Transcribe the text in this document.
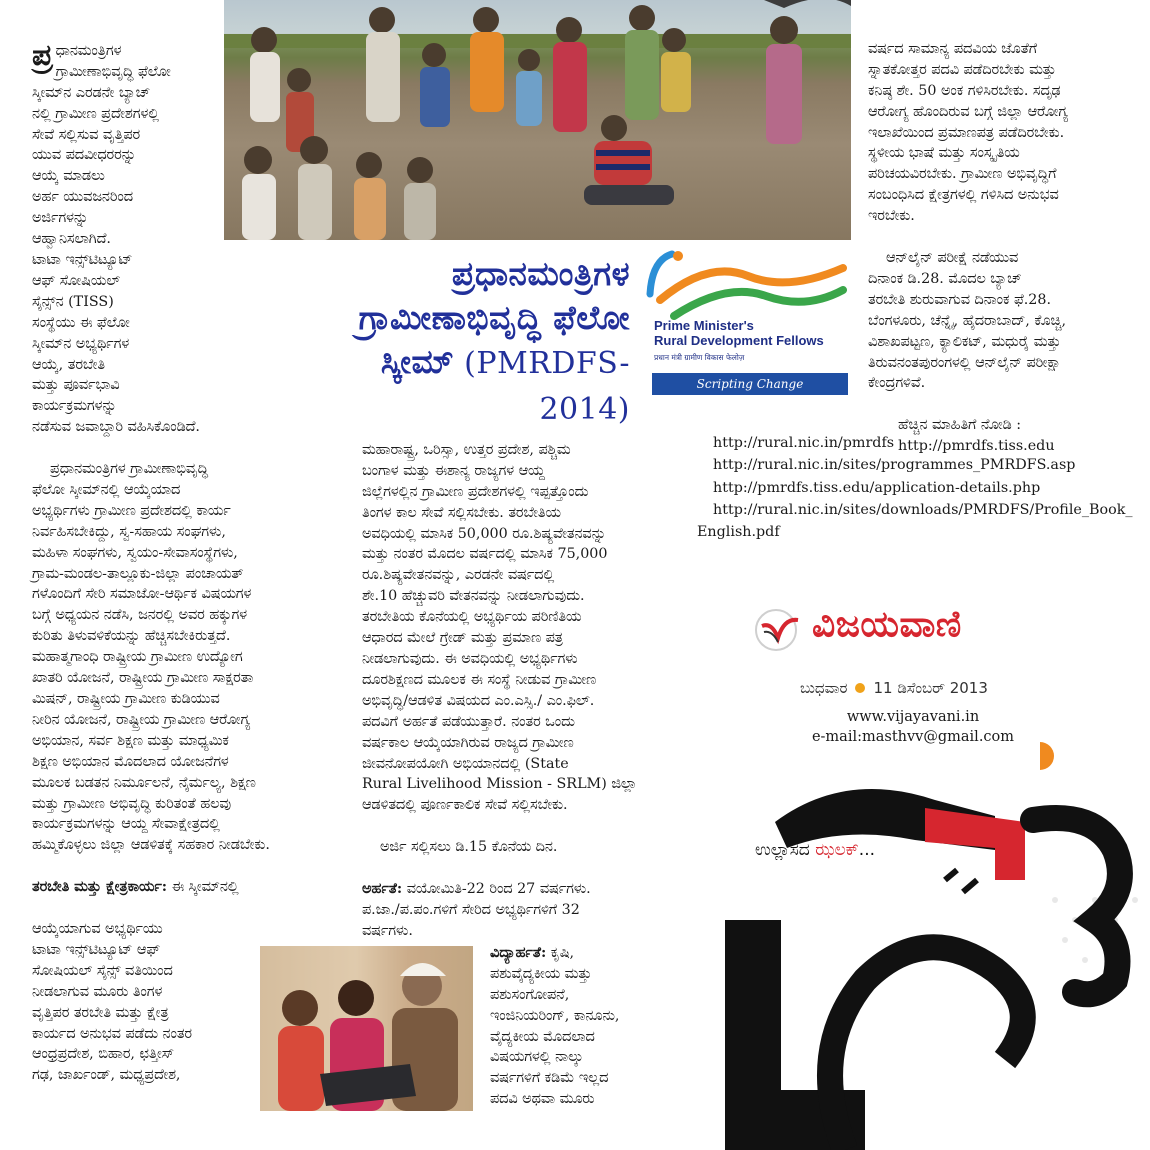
ಪ್ರ ಧಾನಮಂತ್ರಿಗಳ
ಗ್ರಾಮೀಣಾಭಿವೃದ್ಧಿ ಫೆಲೋ
ಸ್ಕೀಮ್‌ನ ಎರಡನೇ ಬ್ಯಾಚ್
ನಲ್ಲಿ ಗ್ರಾಮೀಣ ಪ್ರದೇಶಗಳಲ್ಲಿ
ಸೇವೆ ಸಲ್ಲಿಸುವ ವೃತ್ತಿಪರ
ಯುವ ಪದವೀಧರರನ್ನು
ಆಯ್ಕೆ ಮಾಡಲು
ಅರ್ಹ ಯುವಜನರಿಂದ
ಅರ್ಜಿಗಳನ್ನು
ಆಹ್ವಾನಿಸಲಾಗಿದೆ.
ಟಾಟಾ ಇನ್ಸ್‌ಟಿಟ್ಯೂಟ್
ಆಫ್ ಸೋಷಿಯಲ್
ಸೈನ್ಸ್‌ನ (TISS)
ಸಂಸ್ಥೆಯು ಈ ಫೆಲೋ
ಸ್ಕೀಮ್‌ನ ಅಭ್ಯರ್ಥಿಗಳ
ಆಯ್ಕೆ, ತರಬೇತಿ
ಮತ್ತು ಪೂರ್ವಭಾವಿ
ಕಾರ್ಯಕ್ರಮಗಳನ್ನು
ನಡೆಸುವ ಜವಾಬ್ದಾರಿ ವಹಿಸಿಕೊಂಡಿದೆ.

ಪ್ರಧಾನಮಂತ್ರಿಗಳ ಗ್ರಾಮೀಣಾಭಿವೃದ್ಧಿ
ಫೆಲೋ ಸ್ಕೀಮ್‌ನಲ್ಲಿ ಆಯ್ಕೆಯಾದ
ಅಭ್ಯರ್ಥಿಗಳು ಗ್ರಾಮೀಣ ಪ್ರದೇಶದಲ್ಲಿ ಕಾರ್ಯ
ನಿರ್ವಹಿಸಬೇಕಿದ್ದು, ಸ್ವ-ಸಹಾಯ ಸಂಘಗಳು,
ಮಹಿಳಾ ಸಂಘಗಳು, ಸ್ವಯಂ-ಸೇವಾಸಂಸ್ಥೆಗಳು,
ಗ್ರಾಮ-ಮಂಡಲ-ತಾಲ್ಲೂಕು-ಜಿಲ್ಲಾ ಪಂಚಾಯತ್
ಗಳೊಂದಿಗೆ ಸೇರಿ ಸಮಾಜೋ-ಆರ್ಥಿಕ ವಿಷಯಗಳ
ಬಗ್ಗೆ ಅಧ್ಯಯನ ನಡೆಸಿ, ಜನರಲ್ಲಿ ಅವರ ಹಕ್ಕುಗಳ
ಕುರಿತು ತಿಳುವಳಿಕೆಯನ್ನು ಹೆಚ್ಚಿಸಬೇಕಿರುತ್ತದೆ.
ಮಹಾತ್ಮಗಾಂಧಿ ರಾಷ್ಟ್ರೀಯ ಗ್ರಾಮೀಣ ಉದ್ಯೋಗ
ಖಾತರಿ ಯೋಜನೆ, ರಾಷ್ಟ್ರೀಯ ಗ್ರಾಮೀಣ ಸಾಕ್ಷರತಾ
ಮಿಷನ್, ರಾಷ್ಟ್ರೀಯ ಗ್ರಾಮೀಣ ಕುಡಿಯುವ
ನೀರಿನ ಯೋಜನೆ, ರಾಷ್ಟ್ರೀಯ ಗ್ರಾಮೀಣ ಆರೋಗ್ಯ
ಅಭಿಯಾನ, ಸರ್ವ ಶಿಕ್ಷಣ ಮತ್ತು ಮಾಧ್ಯಮಿಕ
ಶಿಕ್ಷಣ ಅಭಿಯಾನ ಮೊದಲಾದ ಯೋಜನೆಗಳ
ಮೂಲಕ ಬಡತನ ನಿರ್ಮೂಲನೆ, ನೈರ್ಮಲ್ಯ, ಶಿಕ್ಷಣ
ಮತ್ತು ಗ್ರಾಮೀಣ ಅಭಿವೃದ್ಧಿ ಕುರಿತಂತೆ ಹಲವು
ಕಾರ್ಯಕ್ರಮಗಳನ್ನು ಆಯ್ದ ಸೇವಾಕ್ಷೇತ್ರದಲ್ಲಿ
ಹಮ್ಮಿಕೊಳ್ಳಲು ಜಿಲ್ಲಾ ಆಡಳಿತಕ್ಕೆ ಸಹಕಾರ ನೀಡಬೇಕು.

ತರಬೇತಿ ಮತ್ತು ಕ್ಷೇತ್ರಕಾರ್ಯ: ಈ ಸ್ಕೀಮ್‌ನಲ್ಲಿ

ಆಯ್ಕೆಯಾಗುವ ಅಭ್ಯರ್ಥಿಯು
ಟಾಟಾ ಇನ್ಸ್‌ಟಿಟ್ಯೂಟ್ ಆಫ್
ಸೋಷಿಯಲ್ ಸೈನ್ಸ್ ವತಿಯಿಂದ
ನೀಡಲಾಗುವ ಮೂರು ತಿಂಗಳ
ವೃತ್ತಿಪರ ತರಬೇತಿ ಮತ್ತು ಕ್ಷೇತ್ರ
ಕಾರ್ಯದ ಅನುಭವ ಪಡೆದು ನಂತರ
ಆಂಧ್ರಪ್ರದೇಶ, ಬಿಹಾರ, ಛತ್ತೀಸ್
ಗಢ, ಜಾರ್ಖಂಡ್, ಮಧ್ಯಪ್ರದೇಶ,

ಪ್ರಧಾನಮಂತ್ರಿಗಳ
ಗ್ರಾಮೀಣಾಭಿವೃದ್ಧಿ ಫೆಲೋ
ಸ್ಕೀಮ್ (PMRDFS-2014)
Prime Minister's
Rural Development Fellows
प्रधान मंत्री ग्रामीण विकास फेलोज़
Scripting Change

ಮಹಾರಾಷ್ಟ್ರ, ಒರಿಸ್ಸಾ, ಉತ್ತರ ಪ್ರದೇಶ, ಪಶ್ಚಿಮ
ಬಂಗಾಳ ಮತ್ತು ಈಶಾನ್ಯ ರಾಜ್ಯಗಳ ಆಯ್ದ
ಜಿಲ್ಲೆಗಳಲ್ಲಿನ ಗ್ರಾಮೀಣ ಪ್ರದೇಶಗಳಲ್ಲಿ ಇಪ್ಪತ್ತೊಂದು
ತಿಂಗಳ ಕಾಲ ಸೇವೆ ಸಲ್ಲಿಸಬೇಕು. ತರಬೇತಿಯ
ಅವಧಿಯಲ್ಲಿ ಮಾಸಿಕ 50,000 ರೂ.ಶಿಷ್ಯವೇತನವನ್ನು
ಮತ್ತು ನಂತರ ಮೊದಲ ವರ್ಷದಲ್ಲಿ ಮಾಸಿಕ 75,000
ರೂ.ಶಿಷ್ಯವೇತನವನ್ನು, ಎರಡನೇ ವರ್ಷದಲ್ಲಿ
ಶೇ.10 ಹೆಚ್ಚುವರಿ ವೇತನವನ್ನು ನೀಡಲಾಗುವುದು.
ತರಬೇತಿಯ ಕೊನೆಯಲ್ಲಿ ಅಭ್ಯರ್ಥಿಯ ಪರಿಣಿತಿಯ
ಆಧಾರದ ಮೇಲೆ ಗ್ರೇಡ್ ಮತ್ತು ಪ್ರಮಾಣ ಪತ್ರ
ನೀಡಲಾಗುವುದು. ಈ ಅವಧಿಯಲ್ಲಿ ಅಭ್ಯರ್ಥಿಗಳು
ದೂರಶಿಕ್ಷಣದ ಮೂಲಕ ಈ ಸಂಸ್ಥೆ ನೀಡುವ ಗ್ರಾಮೀಣ
ಅಭಿವೃದ್ಧಿ/ಆಡಳಿತ ವಿಷಯದ ಎಂ.ಎಸ್ಸಿ./ ಎಂ.ಫಿಲ್.
ಪದವಿಗೆ ಅರ್ಹತೆ ಪಡೆಯುತ್ತಾರೆ. ನಂತರ ಒಂದು
ವರ್ಷಕಾಲ ಆಯ್ಕೆಯಾಗಿರುವ ರಾಜ್ಯದ ಗ್ರಾಮೀಣ
ಜೀವನೋಪಯೋಗಿ ಅಭಿಯಾನದಲ್ಲಿ (State
Rural Livelihood Mission - SRLM) ಜಿಲ್ಲಾ
ಆಡಳಿತದಲ್ಲಿ ಪೂರ್ಣಕಾಲಿಕ ಸೇವೆ ಸಲ್ಲಿಸಬೇಕು.

ಅರ್ಜಿ ಸಲ್ಲಿಸಲು ಡಿ.15 ಕೊನೆಯ ದಿನ.

ಅರ್ಹತೆ: ವಯೋಮಿತಿ-22 ರಿಂದ 27 ವರ್ಷಗಳು.
ಪ.ಜಾ./ಪ.ಪಂ.ಗಳಿಗೆ ಸೇರಿದ ಅಭ್ಯರ್ಥಿಗಳಿಗೆ 32
ವರ್ಷಗಳು.

ವಿದ್ಯಾರ್ಹತೆ: ಕೃಷಿ,
ಪಶುವೈದ್ಯಕೀಯ ಮತ್ತು
ಪಶುಸಂಗೋಪನೆ,
ಇಂಜಿನಿಯರಿಂಗ್, ಕಾನೂನು,
ವೈದ್ಯಕೀಯ ಮೊದಲಾದ
ವಿಷಯಗಳಲ್ಲಿ ನಾಲ್ಕು
ವರ್ಷಗಳಿಗೆ ಕಡಿಮೆ ಇಲ್ಲದ
ಪದವಿ ಅಥವಾ ಮೂರು

ವರ್ಷದ ಸಾಮಾನ್ಯ ಪದವಿಯ ಜೊತೆಗೆ
ಸ್ನಾತಕೋತ್ತರ ಪದವಿ ಪಡೆದಿರಬೇಕು ಮತ್ತು
ಕನಿಷ್ಠ ಶೇ. 50 ಅಂಕ ಗಳಿಸಿರಬೇಕು. ಸದೃಢ
ಆರೋಗ್ಯ ಹೊಂದಿರುವ ಬಗ್ಗೆ ಜಿಲ್ಲಾ ಆರೋಗ್ಯ
ಇಲಾಖೆಯಿಂದ ಪ್ರಮಾಣಪತ್ರ ಪಡೆದಿರಬೇಕು.
ಸ್ಥಳೀಯ ಭಾಷೆ ಮತ್ತು ಸಂಸ್ಕೃತಿಯ
ಪರಿಚಯವಿರಬೇಕು. ಗ್ರಾಮೀಣ ಅಭಿವೃದ್ಧಿಗೆ
ಸಂಬಂಧಿಸಿದ ಕ್ಷೇತ್ರಗಳಲ್ಲಿ ಗಳಿಸಿದ ಅನುಭವ
ಇರಬೇಕು.

ಆನ್‌ಲೈನ್ ಪರೀಕ್ಷೆ ನಡೆಯುವ
ದಿನಾಂಕ ಡಿ.28. ಮೊದಲ ಬ್ಯಾಚ್
ತರಬೇತಿ ಶುರುವಾಗುವ ದಿನಾಂಕ ಫೆ.28.
ಬೆಂಗಳೂರು, ಚೆನ್ನೈ, ಹೈದರಾಬಾದ್, ಕೊಚ್ಚಿ,
ವಿಶಾಖಪಟ್ಟಣ, ಕ್ಯಾಲಿಕಟ್, ಮಧುರೈ ಮತ್ತು
ತಿರುವನಂತಪುರಂಗಳಲ್ಲಿ ಆನ್‌ಲೈನ್ ಪರೀಕ್ಷಾ
ಕೇಂದ್ರಗಳಿವೆ.

ಹೆಚ್ಚಿನ ಮಾಹಿತಿಗೆ ನೋಡಿ :
http://pmrdfs.tiss.edu

http://rural.nic.in/pmrdfs

http://rural.nic.in/sites/programmes_PMRDFS.asp

http://pmrdfs.tiss.edu/application-details.php

http://rural.nic.in/sites/downloads/PMRDFS/Profile_Book_

English.pdf

ವಿಜಯವಾಣಿ
ಬುಧವಾರ 11 ಡಿಸೆಂಬರ್ 2013
www.vijayavani.in
e-mail:masthvv@gmail.com
ಉಲ್ಲಾಸದ ಝಲಕ್...
